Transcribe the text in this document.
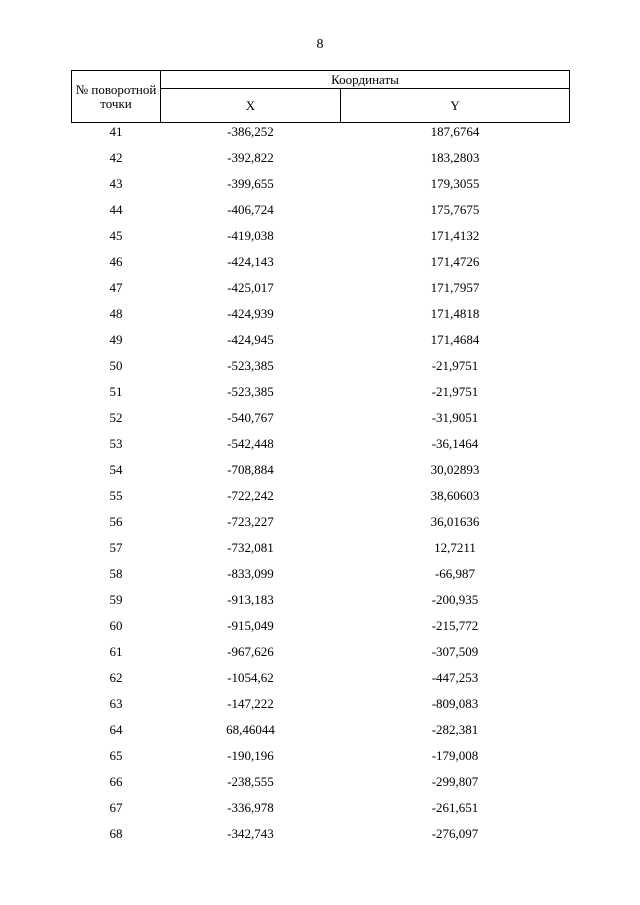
8
№ поворотной точки	Координаты	
	X	Y
41	-386,252	187,6764
42	-392,822	183,2803
43	-399,655	179,3055
44	-406,724	175,7675
45	-419,038	171,4132
46	-424,143	171,4726
47	-425,017	171,7957
48	-424,939	171,4818
49	-424,945	171,4684
50	-523,385	-21,9751
51	-523,385	-21,9751
52	-540,767	-31,9051
53	-542,448	-36,1464
54	-708,884	30,02893
55	-722,242	38,60603
56	-723,227	36,01636
57	-732,081	12,7211
58	-833,099	-66,987
59	-913,183	-200,935
60	-915,049	-215,772
61	-967,626	-307,509
62	-1054,62	-447,253
63	-147,222	-809,083
64	68,46044	-282,381
65	-190,196	-179,008
66	-238,555	-299,807
67	-336,978	-261,651
68	-342,743	-276,097
